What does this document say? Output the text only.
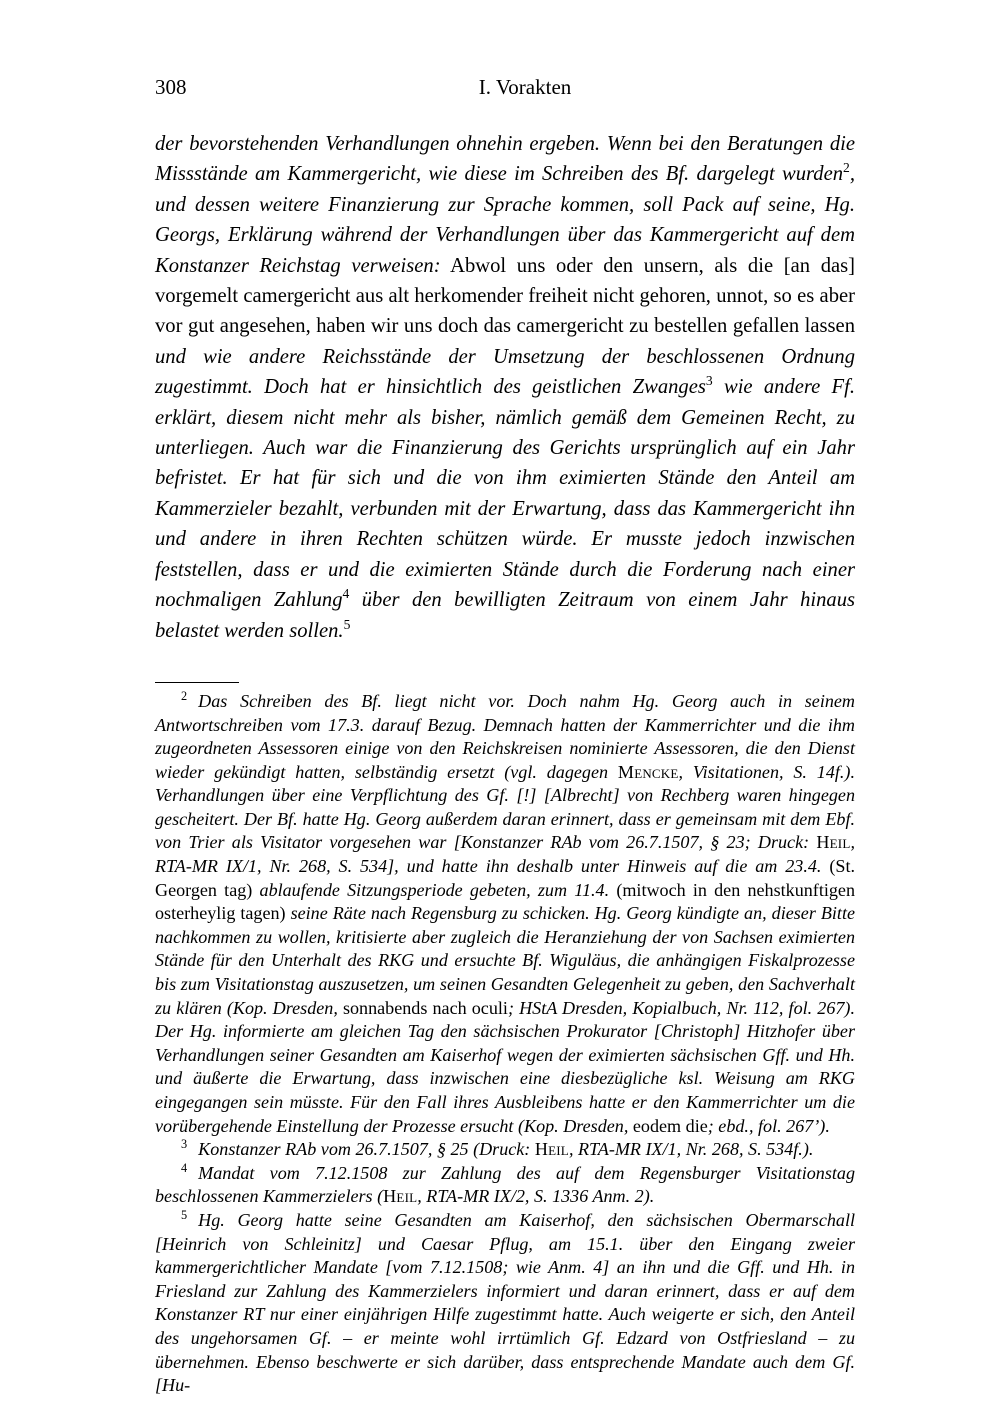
308	I. Vorakten

der bevorstehenden Verhandlungen ohnehin ergeben. Wenn bei den Beratungen die Missstände am Kammergericht, wie diese im Schreiben des Bf. dargelegt wurden$^2$, und dessen weitere Finanzierung zur Sprache kommen, soll Pack auf seine, Hg. Georgs, Erklärung während der Verhandlungen über das Kammergericht auf dem Konstanzer Reichstag verweisen: Abwol uns oder den unsern, als die [an das] vorgemelt camergericht aus alt herkomender freiheit nicht gehoren, unnot, so es aber vor gut angesehen, haben wir uns doch das camergericht zu bestellen gefallen lassen und wie andere Reichsstände der Umsetzung der beschlossenen Ordnung zugestimmt. Doch hat er hinsichtlich des geistlichen Zwanges$^3$ wie andere Ff. erklärt, diesem nicht mehr als bisher, nämlich gemäß dem Gemeinen Recht, zu unterliegen. Auch war die Finanzierung des Gerichts ursprünglich auf ein Jahr befristet. Er hat für sich und die von ihm eximierten Stände den Anteil am Kammerzieler bezahlt, verbunden mit der Erwartung, dass das Kammergericht ihn und andere in ihren Rechten schützen würde. Er musste jedoch inzwischen feststellen, dass er und die eximierten Stände durch die Forderung nach einer nochmaligen Zahlung$^4$ über den bewilligten Zeitraum von einem Jahr hinaus belastet werden sollen.$^5$

$^2$ Das Schreiben des Bf. liegt nicht vor. Doch nahm Hg. Georg auch in seinem Antwortschreiben vom 17.3. darauf Bezug. Demnach hatten der Kammerrichter und die ihm zugeordneten Assessoren einige von den Reichskreisen nominierte Assessoren, die den Dienst wieder gekündigt hatten, selbständig ersetzt (vgl. dagegen Mencke, Visitationen, S. 14f.). Verhandlungen über eine Verpflichtung des Gf. [!] [Albrecht] von Rechberg waren hingegen gescheitert. Der Bf. hatte Hg. Georg außerdem daran erinnert, dass er gemeinsam mit dem Ebf. von Trier als Visitator vorgesehen war [Konstanzer RAb vom 26.7.1507, § 23; Druck: Heil, RTA-MR IX/1, Nr. 268, S. 534], und hatte ihn deshalb unter Hinweis auf die am 23.4. (St. Georgen tag) ablaufende Sitzungsperiode gebeten, zum 11.4. (mitwoch in den nehstkunftigen osterheylig tagen) seine Räte nach Regensburg zu schicken. Hg. Georg kündigte an, dieser Bitte nachkommen zu wollen, kritisierte aber zugleich die Heranziehung der von Sachsen eximierten Stände für den Unterhalt des RKG und ersuchte Bf. Wiguläus, die anhängigen Fiskalprozesse bis zum Visitationstag auszusetzen, um seinen Gesandten Gelegenheit zu geben, den Sachverhalt zu klären (Kop. Dresden, sonnabends nach oculi; HStA Dresden, Kopialbuch, Nr. 112, fol. 267). Der Hg. informierte am gleichen Tag den sächsischen Prokurator [Christoph] Hitzhofer über Verhandlungen seiner Gesandten am Kaiserhof wegen der eximierten sächsischen Gff. und Hh. und äußerte die Erwartung, dass inzwischen eine diesbezügliche ksl. Weisung am RKG eingegangen sein müsste. Für den Fall ihres Ausbleibens hatte er den Kammerrichter um die vorübergehende Einstellung der Prozesse ersucht (Kop. Dresden, eodem die; ebd., fol. 267’).

$^3$ Konstanzer RAb vom 26.7.1507, § 25 (Druck: Heil, RTA-MR IX/1, Nr. 268, S. 534f.).

$^4$ Mandat vom 7.12.1508 zur Zahlung des auf dem Regensburger Visitationstag beschlossenen Kammerzielers (Heil, RTA-MR IX/2, S. 1336 Anm. 2).

$^5$ Hg. Georg hatte seine Gesandten am Kaiserhof, den sächsischen Obermarschall [Heinrich von Schleinitz] und Caesar Pflug, am 15.1. über den Eingang zweier kammergerichtlicher Mandate [vom 7.12.1508; wie Anm. 4] an ihn und die Gff. und Hh. in Friesland zur Zahlung des Kammerzielers informiert und daran erinnert, dass er auf dem Konstanzer RT nur einer einjährigen Hilfe zugestimmt hatte. Auch weigerte er sich, den Anteil des ungehorsamen Gf. – er meinte wohl irrtümlich Gf. Edzard von Ostfriesland – zu übernehmen. Ebenso beschwerte er sich darüber, dass entsprechende Mandate auch dem Gf. [Hu-
